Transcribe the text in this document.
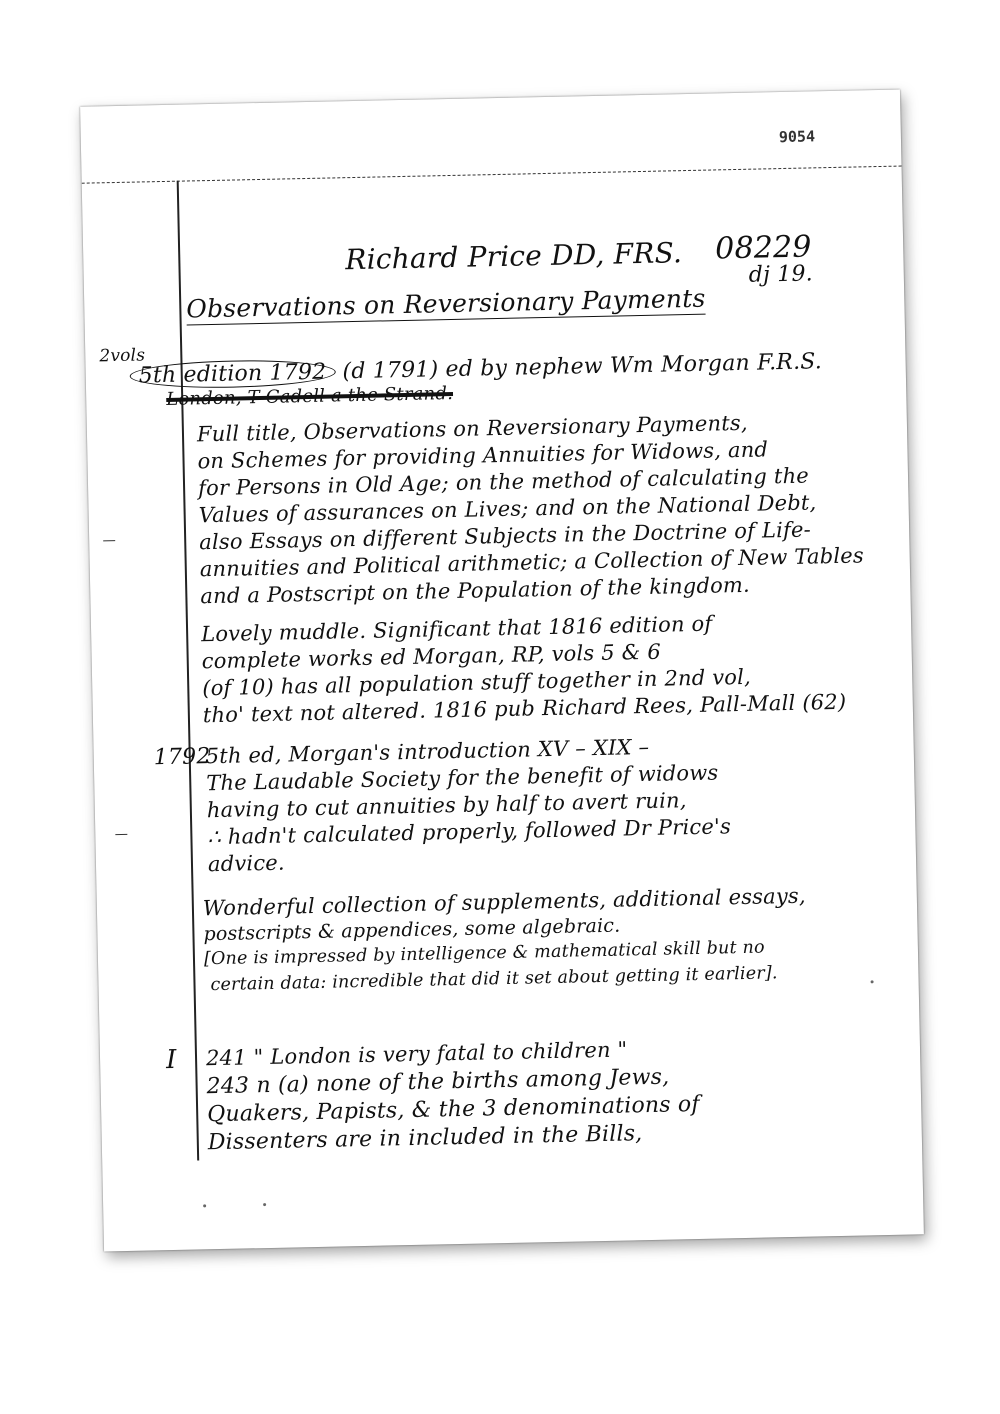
9054
Richard Price DD, FRS. 08229
dj 19.
Observations on Reversionary Payments
2vols
5th edition 1792 (d 1791) ed by nephew Wm Morgan F.R.S.
London, T Cadell a the Strand.
Full title, Observations on Reversionary Payments,
on Schemes for providing Annuities for Widows, and
for Persons in Old Age; on the method of calculating the
Values of assurances on Lives; and on the National Debt,
also Essays on different Subjects in the Doctrine of Life-
annuities and Political arithmetic; a Collection of New Tables
and a Postscript on the Population of the kingdom.
Lovely muddle. Significant that 1816 edition of
complete works ed Morgan, RP, vols 5 & 6
(of 10) has all population stuff together in 2nd vol,
tho' text not altered. 1816 pub Richard Rees, Pall-Mall (62)
1792
5th ed, Morgan's introduction XV – XIX –
The Laudable Society for the benefit of widows
having to cut annuities by half to avert ruin,
∴ hadn't calculated properly, followed Dr Price's
advice.
Wonderful collection of supplements, additional essays,
postscripts & appendices, some algebraic.
[One is impressed by intelligence & mathematical skill but no
certain data: incredible that did it set about getting it earlier].
I 241 " London is very fatal to children "
243 n (a) none of the births among Jews,
Quakers, Papists, & the 3 denominations of
Dissenters are in included in the Bills,
